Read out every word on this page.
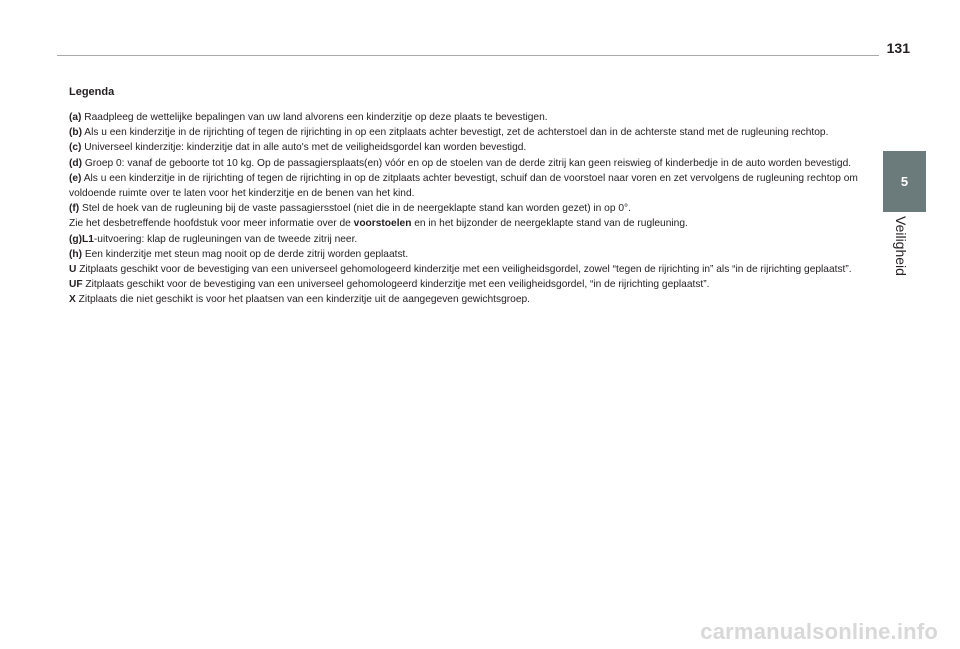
131
5
Veiligheid

Legenda

(a) Raadpleeg de wettelijke bepalingen van uw land alvorens een kinderzitje op deze plaats te bevestigen.

(b) Als u een kinderzitje in de rijrichting of tegen de rijrichting in op een zitplaats achter bevestigt, zet de achterstoel dan in de achterste stand met de rugleuning rechtop.

(c) Universeel kinderzitje: kinderzitje dat in alle auto's met de veiligheidsgordel kan worden bevestigd.

(d) Groep 0: vanaf de geboorte tot 10 kg. Op de passagiersplaats(en) vóór en op de stoelen van de derde zitrij kan geen reiswieg of kinderbedje in de auto worden bevestigd.

(e) Als u een kinderzitje in de rijrichting of tegen de rijrichting in op de zitplaats achter bevestigt, schuif dan de voorstoel naar voren en zet vervolgens de rugleuning rechtop om voldoende ruimte over te laten voor het kinderzitje en de benen van het kind.

(f) Stel de hoek van de rugleuning bij de vaste passagiersstoel (niet die in de neergeklapte stand kan worden gezet) in op 0°.

Zie het desbetreffende hoofdstuk voor meer informatie over de voorstoelen en in het bijzonder de neergeklapte stand van de rugleuning.

(g)L1-uitvoering: klap de rugleuningen van de tweede zitrij neer.

(h) Een kinderzitje met steun mag nooit op de derde zitrij worden geplaatst.

U Zitplaats geschikt voor de bevestiging van een universeel gehomologeerd kinderzitje met een veiligheidsgordel, zowel “tegen de rijrichting in” als “in de rijrichting geplaatst”.

UF Zitplaats geschikt voor de bevestiging van een universeel gehomologeerd kinderzitje met een veiligheidsgordel, “in de rijrichting geplaatst”.

X Zitplaats die niet geschikt is voor het plaatsen van een kinderzitje uit de aangegeven gewichtsgroep.

carmanualsonline.info
